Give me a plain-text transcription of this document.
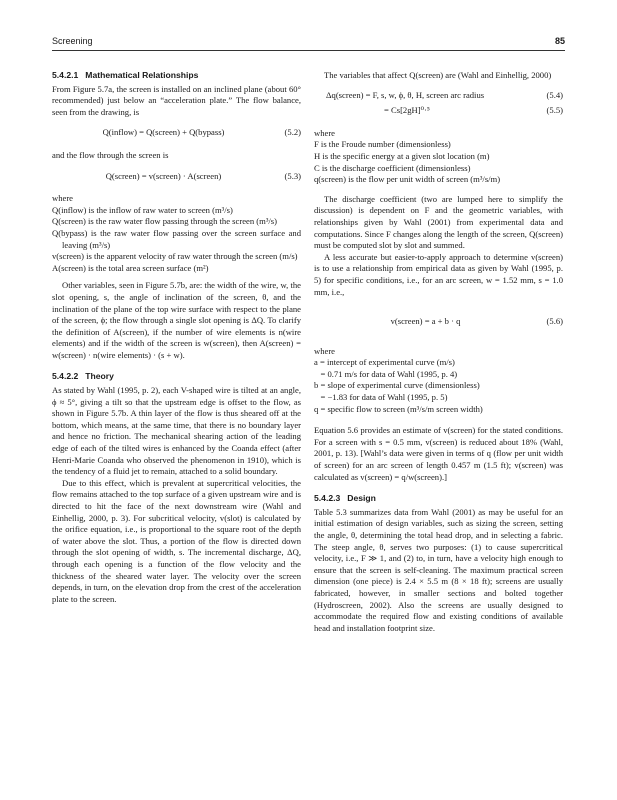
Screening	85
5.4.2.1 Mathematical Relationships

From Figure 5.7a, the screen is installed on an inclined plane (about 60° recommended) just below an “acceleration plate.” The flow balance, seen from the drawing, is

Q(inflow) = Q(screen) + Q(bypass)	(5.2)

and the flow through the screen is

Q(screen) = v(screen) · A(screen)	(5.3)

where

Q(inflow) is the inflow of raw water to screen (m³/s)
Q(screen) is the raw water flow passing through the screen (m³/s)
Q(bypass) is the raw water flow passing over the screen surface and leaving (m³/s)
v(screen) is the apparent velocity of raw water through the screen (m/s)
A(screen) is the total area screen surface (m²)

Other variables, seen in Figure 5.7b, are: the width of the wire, w, the slot opening, s, the angle of inclination of the screen, θ, and the inclination of the plane of the top wire surface with respect to the plane of the screen, ϕ; the flow through a single slot opening is ΔQ. To clarify the definition of A(screen), if the number of wire elements is n(wire elements) and if the width of the screen is w(screen), then A(screen) = w(screen) · n(wire elements) · (s + w).

5.4.2.2 Theory

As stated by Wahl (1995, p. 2), each V-shaped wire is tilted at an angle, ϕ ≈ 5°, giving a tilt so that the upstream edge is offset to the flow, as shown in Figure 5.7b. A thin layer of the flow is thus sheared off at the bottom, which means, at the same time, that there is no boundary layer and hence no friction. The mechanical shearing action of the leading edge of each of the tilted wires is enhanced by the Coanda effect (after Henri-Marie Coanda who observed the phenomenon in 1910), which is the tendency of a fluid jet to remain, attached to a solid boundary.

Due to this effect, which is prevalent at supercritical velocities, the flow remains attached to the top surface of a given upstream wire and is directed to hit the face of the next downstream wire (Wahl and Einhellig, 2000, p. 3). For subcritical velocity, v(slot) is calculated by the orifice equation, i.e., is proportional to the square root of the depth of water above the slot. Thus, a portion of the flow is directed down through the slot opening of width, s. The incremental discharge, ΔQ, through each opening is a function of the flow velocity and the thickness of the sheared water layer. The velocity over the screen depends, in turn, on the elevation drop from the crest of the acceleration plate to the screen.

The variables that affect Q(screen) are (Wahl and Einhellig, 2000)

Δq(screen) = F, s, w, ϕ, θ, H, screen arc radius	(5.4)
= Cs[2gH]⁰·⁵	(5.5)

where

F is the Froude number (dimensionless)
H is the specific energy at a given slot location (m)
C is the discharge coefficient (dimensionless)
q(screen) is the flow per unit width of screen (m³/s/m)

The discharge coefficient (two are lumped here to simplify the discussion) is dependent on F and the geometric variables, with relationships given by Wahl (2001) from experimental data and computations. Since F changes along the length of the screen, Q(screen) must be computed slot by slot and summed.

A less accurate but easier-to-apply approach to determine v(screen) is to use a relationship from empirical data as given by Wahl (1995, p. 5) for specific conditions, i.e., for an arc screen, w = 1.52 mm, s = 1.0 mm, i.e.,

v(screen) = a + b · q	(5.6)

where

a = intercept of experimental curve (m/s)
= 0.71 m/s for data of Wahl (1995, p. 4)
b = slope of experimental curve (dimensionless)
= −1.83 for data of Wahl (1995, p. 5)
q = specific flow to screen (m³/s/m screen width)

Equation 5.6 provides an estimate of v(screen) for the stated conditions. For a screen with s = 0.5 mm, v(screen) is reduced about 18% (Wahl, 2001, p. 13). [Wahl’s data were given in terms of q (flow per unit width of screen) for an arc screen of length 0.457 m (1.5 ft); v(screen) was calculated as v(screen) = q/w(screen).]

5.4.2.3 Design

Table 5.3 summarizes data from Wahl (2001) as may be useful for an initial estimation of design variables, such as sizing the screen, setting the angle, θ, determining the total head drop, and in selecting a fabric. The steep angle, θ, serves two purposes: (1) to cause supercritical velocity, i.e., F ≫ 1, and (2) to, in turn, have a velocity high enough to ensure that the screen is self-cleaning. The maximum practical screen dimension (one piece) is 2.4 × 5.5 m (8 × 18 ft); screens are usually fabricated, however, in smaller sections and bolted together (Hydroscreen, 2002). Also the screens are usually designed to accommodate the required flow and existing conditions of available head and installation footprint size.
